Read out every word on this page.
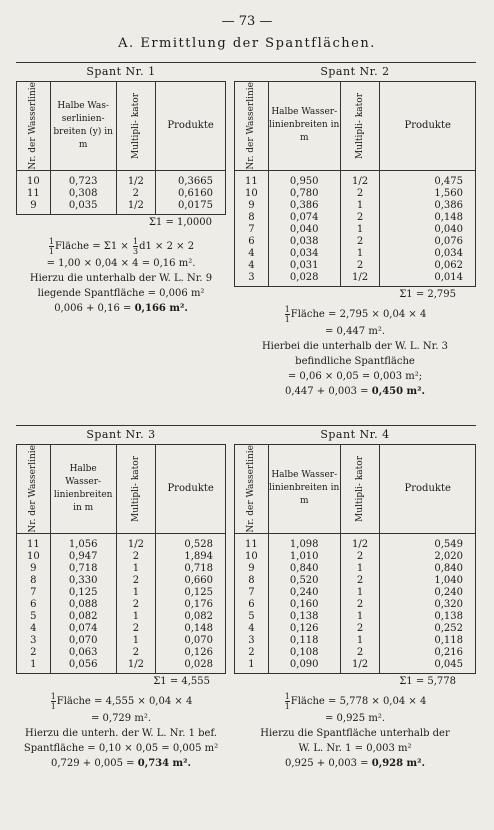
— 73 —
A. Ermittlung der Spantflächen.
Spant Nr. 1
Nr. der Wasserlinie	Halbe Was- serlinien- breiten (y) in m	Multipli- kator	Produkte
10	0,723	1/2	0,3665
11	0,308	2	0,6160
9	0,035	1/2	0,0175
Σ1 = 1,0000
$\frac{1}{1}$ Fläche = $\Sigma 1 \times \frac{1}{3} d1 \times 2 \times 2$
= 1,00 × 0,04 × 4 = 0,16 m².
Hierzu die unterhalb der W. L. Nr. 9
liegende Spantfläche = 0,006 m²
0,006 + 0,16 = 0,166 m².
Spant Nr. 2
Nr. der Wasserlinie	Halbe Wasser- linienbreiten in m	Multipli- kator	Produkte
11	0,950	1/2	0,475
10	0,780	2	1,560
9	0,386	1	0,386
8	0,074	2	0,148
7	0,040	1	0,040
6	0,038	2	0,076
4	0,034	1	0,034
4	0,031	2	0,062
3	0,028	1/2	0,014
Σ1 = 2,795
$\frac{1}{1}$ Fläche = 2,795 × 0,04 × 4
= 0,447 m².
Hierbei die unterhalb der W. L. Nr. 3
befindliche Spantfläche
= 0,06 × 0,05 = 0,003 m²;
0,447 + 0,003 = 0,450 m².
Spant Nr. 3
Nr. der Wasserlinie	Halbe Wasser- linienbreiten in m	Multipli- kator	Produkte
11	1,056	1/2	0,528
10	0,947	2	1,894
9	0,718	1	0,718
8	0,330	2	0,660
7	0,125	1	0,125
6	0,088	2	0,176
5	0,082	1	0,082
4	0,074	2	0,148
3	0,070	1	0,070
2	0,063	2	0,126
1	0,056	1/2	0,028
Σ1 = 4,555
$\frac{1}{1}$ Fläche = 4,555 × 0,04 × 4
= 0,729 m².
Hierzu die unterh. der W. L. Nr. 1 bef.
Spantfläche = 0,10 × 0,05 = 0,005 m²
0,729 + 0,005 = 0,734 m².
Spant Nr. 4
Nr. der Wasserlinie	Halbe Wasser- linienbreiten in m	Multipli- kator	Produkte
11	1,098	1/2	0,549
10	1,010	2	2,020
9	0,840	1	0,840
8	0,520	2	1,040
7	0,240	1	0,240
6	0,160	2	0,320
5	0,138	1	0,138
4	0,126	2	0,252
3	0,118	1	0,118
2	0,108	2	0,216
1	0,090	1/2	0,045
Σ1 = 5,778
$\frac{1}{1}$ Fläche = 5,778 × 0,04 × 4
= 0,925 m².
Hierzu die Spantfläche unterhalb der
W. L. Nr. 1 = 0,003 m²
0,925 + 0,003 = 0,928 m².
